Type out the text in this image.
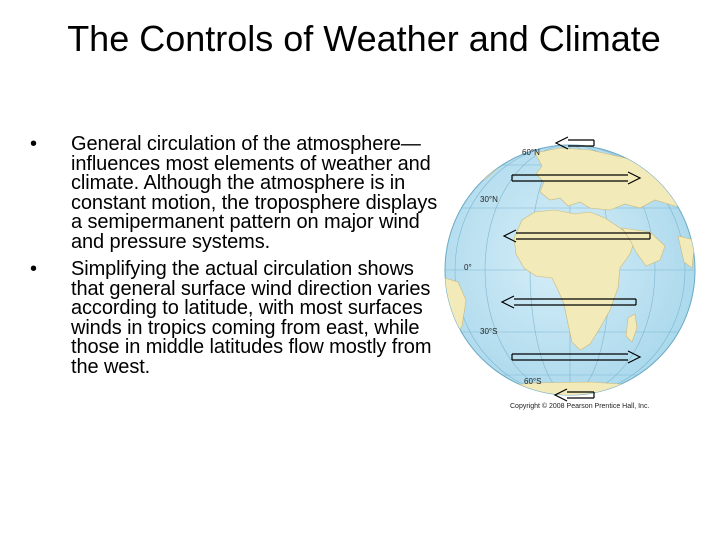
The Controls of Weather and Climate
• General circulation of the atmosphere—influences most elements of weather and climate. Although the atmosphere is in constant motion, the troposphere displays a semipermanent pattern on major wind and pressure systems.
• Simplifying the actual circulation shows that general surface wind direction varies according to latitude, with most surfaces winds in tropics coming from east, while those in middle latitudes flow mostly from the west.
60°N
30°N
0°
30°S
60°S
Copyright © 2008 Pearson Prentice Hall, Inc.
